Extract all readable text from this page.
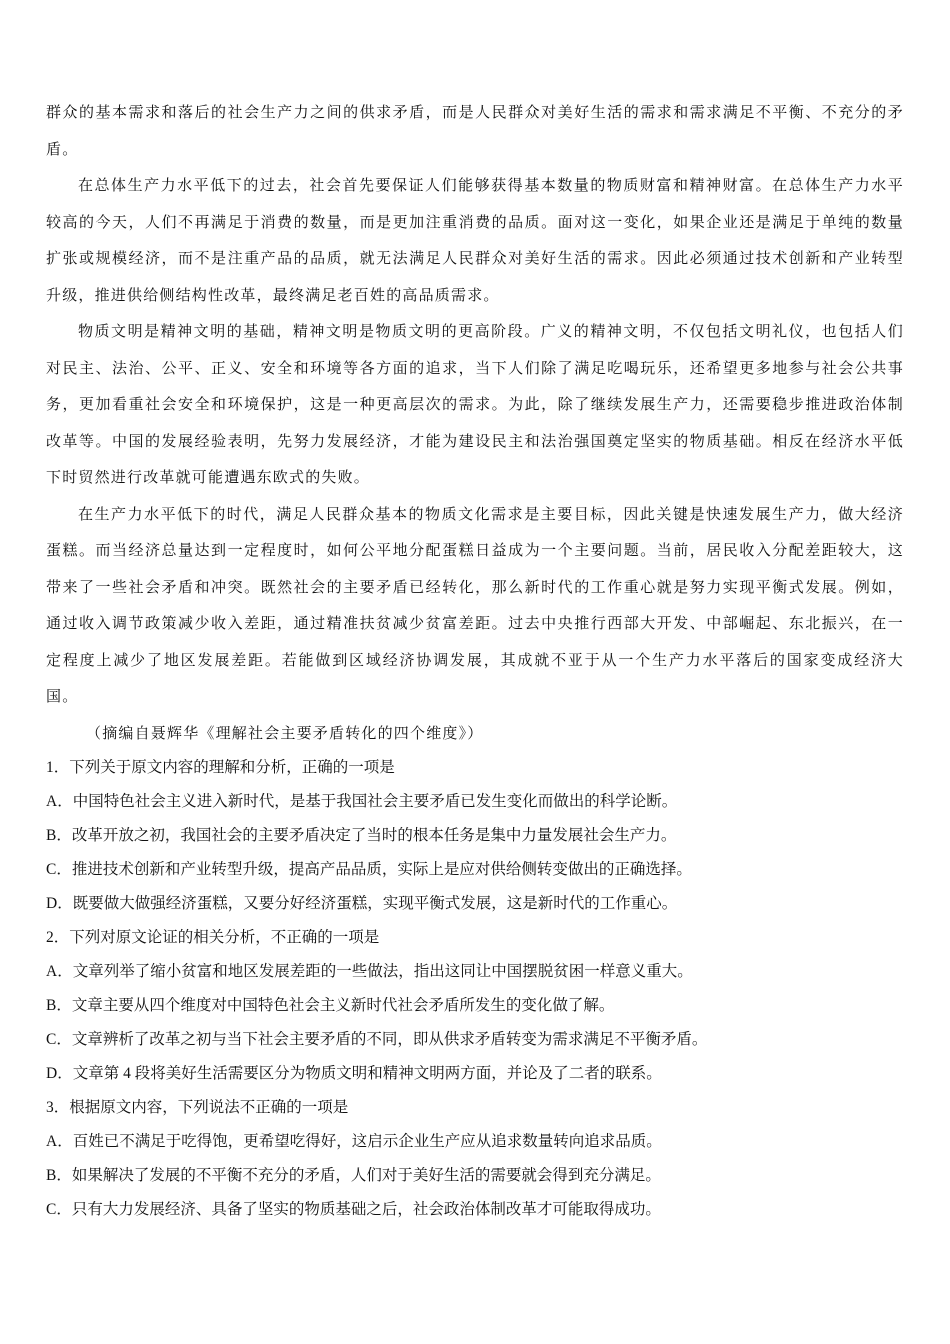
群众的基本需求和落后的社会生产力之间的供求矛盾，而是人民群众对美好生活的需求和需求满足不平衡、不充分的矛盾。

在总体生产力水平低下的过去，社会首先要保证人们能够获得基本数量的物质财富和精神财富。在总体生产力水平较高的今天，人们不再满足于消费的数量，而是更加注重消费的品质。面对这一变化，如果企业还是满足于单纯的数量扩张或规模经济，而不是注重产品的品质，就无法满足人民群众对美好生活的需求。因此必须通过技术创新和产业转型升级，推进供给侧结构性改革，最终满足老百姓的高品质需求。

物质文明是精神文明的基础，精神文明是物质文明的更高阶段。广义的精神文明，不仅包括文明礼仪，也包括人们对民主、法治、公平、正义、安全和环境等各方面的追求，当下人们除了满足吃喝玩乐，还希望更多地参与社会公共事务，更加看重社会安全和环境保护，这是一种更高层次的需求。为此，除了继续发展生产力，还需要稳步推进政治体制改革等。中国的发展经验表明，先努力发展经济，才能为建设民主和法治强国奠定坚实的物质基础。相反在经济水平低下时贸然进行改革就可能遭遇东欧式的失败。

在生产力水平低下的时代，满足人民群众基本的物质文化需求是主要目标，因此关键是快速发展生产力，做大经济蛋糕。而当经济总量达到一定程度时，如何公平地分配蛋糕日益成为一个主要问题。当前，居民收入分配差距较大，这带来了一些社会矛盾和冲突。既然社会的主要矛盾已经转化，那么新时代的工作重心就是努力实现平衡式发展。例如，通过收入调节政策减少收入差距，通过精准扶贫减少贫富差距。过去中央推行西部大开发、中部崛起、东北振兴，在一定程度上减少了地区发展差距。若能做到区域经济协调发展，其成就不亚于从一个生产力水平落后的国家变成经济大国。

（摘编自聂辉华《理解社会主要矛盾转化的四个维度》）

1．下列关于原文内容的理解和分析，正确的一项是

A．中国特色社会主义进入新时代，是基于我国社会主要矛盾已发生变化而做出的科学论断。

B．改革开放之初，我国社会的主要矛盾决定了当时的根本任务是集中力量发展社会生产力。

C．推进技术创新和产业转型升级，提高产品品质，实际上是应对供给侧转变做出的正确选择。

D．既要做大做强经济蛋糕，又要分好经济蛋糕，实现平衡式发展，这是新时代的工作重心。

2．下列对原文论证的相关分析，不正确的一项是

A．文章列举了缩小贫富和地区发展差距的一些做法，指出这同让中国摆脱贫困一样意义重大。

B．文章主要从四个维度对中国特色社会主义新时代社会矛盾所发生的变化做了解。

C．文章辨析了改革之初与当下社会主要矛盾的不同，即从供求矛盾转变为需求满足不平衡矛盾。

D．文章第 4 段将美好生活需要区分为物质文明和精神文明两方面，并论及了二者的联系。

3．根据原文内容，下列说法不正确的一项是

A．百姓已不满足于吃得饱，更希望吃得好，这启示企业生产应从追求数量转向追求品质。

B．如果解决了发展的不平衡不充分的矛盾，人们对于美好生活的需要就会得到充分满足。

C．只有大力发展经济、具备了坚实的物质基础之后，社会政治体制改革才可能取得成功。
